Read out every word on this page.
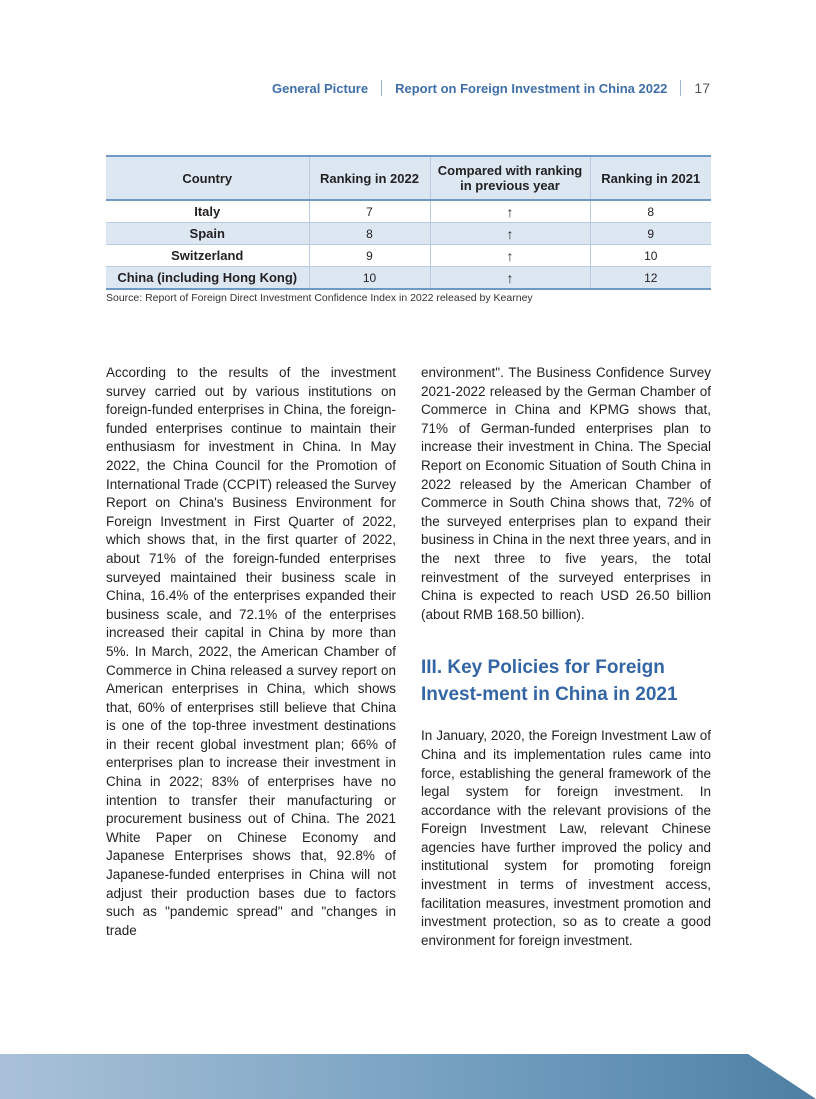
General Picture Report on Foreign Investment in China 2022 17
Country	Ranking in 2022	Compared with ranking in previous year	Ranking in 2021
Italy	7	↑	8
Spain	8	↑	9
Switzerland	9	↑	10
China (including Hong Kong)	10	↑	12
Source: Report of Foreign Direct Investment Confidence Index in 2022 released by Kearney

According to the results of the investment survey carried out by various institutions on foreign-funded enterprises in China, the foreign-funded enterprises continue to maintain their enthusiasm for investment in China. In May 2022, the China Council for the Promotion of International Trade (CCPIT) released the Survey Report on China's Business Environment for Foreign Investment in First Quarter of 2022, which shows that, in the first quarter of 2022, about 71% of the foreign-funded enterprises surveyed maintained their business scale in China, 16.4% of the enterprises expanded their business scale, and 72.1% of the enterprises increased their capital in China by more than 5%. In March, 2022, the American Chamber of Commerce in China released a survey report on American enterprises in China, which shows that, 60% of enterprises still believe that China is one of the top-three investment destinations in their recent global investment plan; 66% of enterprises plan to increase their investment in China in 2022; 83% of enterprises have no intention to transfer their manufacturing or procurement business out of China. The 2021 White Paper on Chinese Economy and Japanese Enterprises shows that, 92.8% of Japanese-funded enterprises in China will not adjust their production bases due to factors such as "pandemic spread" and "changes in trade

environment". The Business Confidence Survey 2021-2022 released by the German Chamber of Commerce in China and KPMG shows that, 71% of German-funded enterprises plan to increase their investment in China. The Special Report on Economic Situation of South China in 2022 released by the American Chamber of Commerce in South China shows that, 72% of the surveyed enterprises plan to expand their business in China in the next three years, and in the next three to five years, the total reinvestment of the surveyed enterprises in China is expected to reach USD 26.50 billion (about RMB 168.50 billion).

III. Key Policies for Foreign Invest-ment in China in 2021

In January, 2020, the Foreign Investment Law of China and its implementation rules came into force, establishing the general framework of the legal system for foreign investment. In accordance with the relevant provisions of the Foreign Investment Law, relevant Chinese agencies have further improved the policy and institutional system for promoting foreign investment in terms of investment access, facilitation measures, investment promotion and investment protection, so as to create a good environment for foreign investment.
